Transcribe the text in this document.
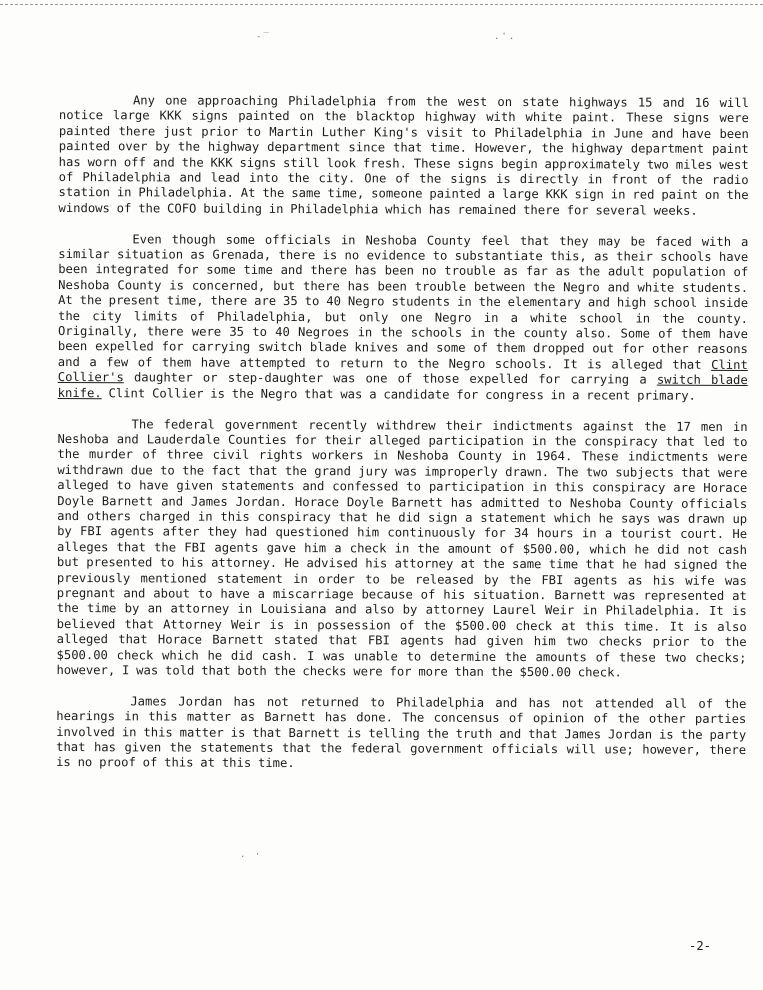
-‾	.'.
. ·

Any one approaching Philadelphia from the west on state highways 15 and 16 will notice large KKK signs painted on the blacktop highway with white paint. These signs were painted there just prior to Martin Luther King's visit to Philadelphia in June and have been painted over by the highway department since that time. However, the highway department paint has worn off and the KKK signs still look fresh. These signs begin approximately two miles west of Philadelphia and lead into the city. One of the signs is directly in front of the radio station in Philadelphia. At the same time, someone painted a large KKK sign in red paint on the windows of the COFO building in Philadelphia which has remained there for several weeks.

Even though some officials in Neshoba County feel that they may be faced with a similar situation as Grenada, there is no evidence to substantiate this, as their schools have been integrated for some time and there has been no trouble as far as the adult population of Neshoba County is concerned, but there has been trouble between the Negro and white students. At the present time, there are 35 to 40 Negro students in the elementary and high school inside the city limits of Philadelphia, but only one Negro in a white school in the county. Originally, there were 35 to 40 Negroes in the schools in the county also. Some of them have been expelled for carrying switch blade knives and some of them dropped out for other reasons and a few of them have attempted to return to the Negro schools. It is alleged that Clint Collier's daughter or step-daughter was one of those expelled for carrying a switch blade knife. Clint Collier is the Negro that was a candidate for congress in a recent primary.

The federal government recently withdrew their indictments against the 17 men in Neshoba and Lauderdale Counties for their alleged participation in the conspiracy that led to the murder of three civil rights workers in Neshoba County in 1964. These indictments were withdrawn due to the fact that the grand jury was improperly drawn. The two subjects that were alleged to have given statements and confessed to participation in this conspiracy are Horace Doyle Barnett and James Jordan. Horace Doyle Barnett has admitted to Neshoba County officials and others charged in this conspiracy that he did sign a statement which he says was drawn up by FBI agents after they had questioned him continuously for 34 hours in a tourist court. He alleges that the FBI agents gave him a check in the amount of $500.00, which he did not cash but presented to his attorney. He advised his attorney at the same time that he had signed the previously mentioned statement in order to be released by the FBI agents as his wife was pregnant and about to have a miscarriage because of his situation. Barnett was represented at the time by an attorney in Louisiana and also by attorney Laurel Weir in Philadelphia. It is believed that Attorney Weir is in possession of the $500.00 check at this time. It is also alleged that Horace Barnett stated that FBI agents had given him two checks prior to the $500.00 check which he did cash. I was unable to determine the amounts of these two checks; however, I was told that both the checks were for more than the $500.00 check.

James Jordan has not returned to Philadelphia and has not attended all of the hearings in this matter as Barnett has done. The concensus of opinion of the other parties involved in this matter is that Barnett is telling the truth and that James Jordan is the party that has given the statements that the federal government officials will use; however, there is no proof of this at this time.

-2-
